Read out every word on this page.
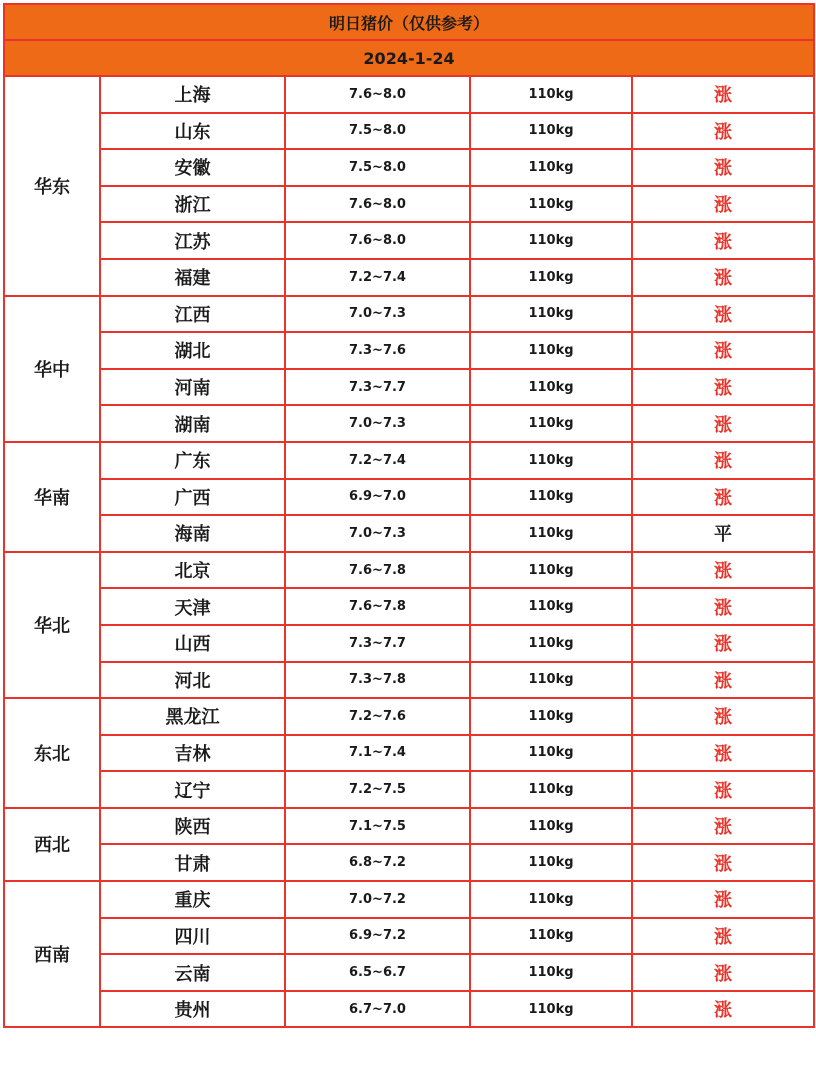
明日猪价（仅供参考）				
2024-1-24				
华东	上海	7.6~8.0	110kg	涨
	山东	7.5~8.0	110kg	涨
	安徽	7.5~8.0	110kg	涨
	浙江	7.6~8.0	110kg	涨
	江苏	7.6~8.0	110kg	涨
	福建	7.2~7.4	110kg	涨
华中	江西	7.0~7.3	110kg	涨
	湖北	7.3~7.6	110kg	涨
	河南	7.3~7.7	110kg	涨
	湖南	7.0~7.3	110kg	涨
华南	广东	7.2~7.4	110kg	涨
	广西	6.9~7.0	110kg	涨
	海南	7.0~7.3	110kg	平
华北	北京	7.6~7.8	110kg	涨
	天津	7.6~7.8	110kg	涨
	山西	7.3~7.7	110kg	涨
	河北	7.3~7.8	110kg	涨
东北	黑龙江	7.2~7.6	110kg	涨
	吉林	7.1~7.4	110kg	涨
	辽宁	7.2~7.5	110kg	涨
西北	陕西	7.1~7.5	110kg	涨
	甘肃	6.8~7.2	110kg	涨
西南	重庆	7.0~7.2	110kg	涨
	四川	6.9~7.2	110kg	涨
	云南	6.5~6.7	110kg	涨
	贵州	6.7~7.0	110kg	涨
